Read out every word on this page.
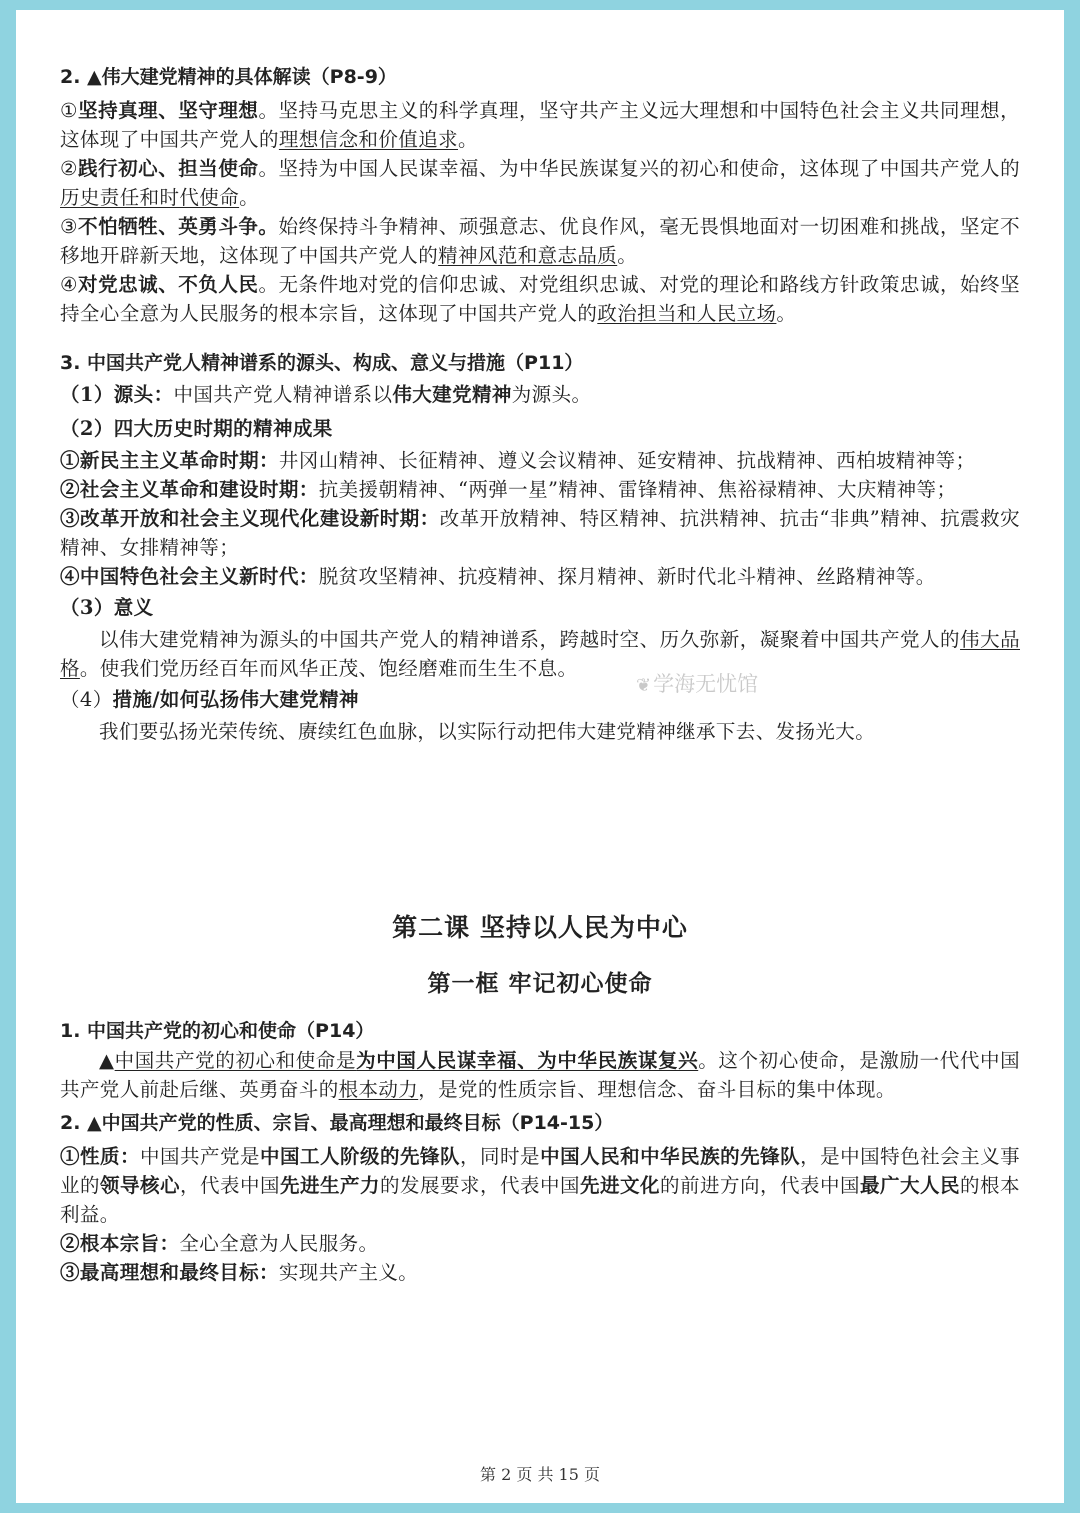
2. ▲伟大建党精神的具体解读（P8-9）

①坚持真理、坚守理想。坚持马克思主义的科学真理，坚守共产主义远大理想和中国特色社会主义共同理想，这体现了中国共产党人的理想信念和价值追求。

②践行初心、担当使命。坚持为中国人民谋幸福、为中华民族谋复兴的初心和使命，这体现了中国共产党人的历史责任和时代使命。

③不怕牺牲、英勇斗争。始终保持斗争精神、顽强意志、优良作风，毫无畏惧地面对一切困难和挑战，坚定不移地开辟新天地，这体现了中国共产党人的精神风范和意志品质。

④对党忠诚、不负人民。无条件地对党的信仰忠诚、对党组织忠诚、对党的理论和路线方针政策忠诚，始终坚持全心全意为人民服务的根本宗旨，这体现了中国共产党人的政治担当和人民立场。

3. 中国共产党人精神谱系的源头、构成、意义与措施（P11）

（1）源头：中国共产党人精神谱系以伟大建党精神为源头。

（2）四大历史时期的精神成果

①新民主主义革命时期：井冈山精神、长征精神、遵义会议精神、延安精神、抗战精神、西柏坡精神等；

②社会主义革命和建设时期：抗美援朝精神、“两弹一星”精神、雷锋精神、焦裕禄精神、大庆精神等；

③改革开放和社会主义现代化建设新时期：改革开放精神、特区精神、抗洪精神、抗击“非典”精神、抗震救灾精神、女排精神等；

④中国特色社会主义新时代：脱贫攻坚精神、抗疫精神、探月精神、新时代北斗精神、丝路精神等。

（3）意义

以伟大建党精神为源头的中国共产党人的精神谱系，跨越时空、历久弥新，凝聚着中国共产党人的伟大品格。使我们党历经百年而风华正茂、饱经磨难而生生不息。

（4）措施/如何弘扬伟大建党精神

我们要弘扬光荣传统、赓续红色血脉，以实际行动把伟大建党精神继承下去、发扬光大。

第二课 坚持以人民为中心

第一框 牢记初心使命

1. 中国共产党的初心和使命（P14）

▲中国共产党的初心和使命是为中国人民谋幸福、为中华民族谋复兴。这个初心使命，是激励一代代中国共产党人前赴后继、英勇奋斗的根本动力，是党的性质宗旨、理想信念、奋斗目标的集中体现。

2. ▲中国共产党的性质、宗旨、最高理想和最终目标（P14-15）

①性质：中国共产党是中国工人阶级的先锋队，同时是中国人民和中华民族的先锋队，是中国特色社会主义事业的领导核心，代表中国先进生产力的发展要求，代表中国先进文化的前进方向，代表中国最广大人民的根本利益。

②根本宗旨：全心全意为人民服务。

③最高理想和最终目标：实现共产主义。

❦学海无忧馆
第 2 页 共 15 页
